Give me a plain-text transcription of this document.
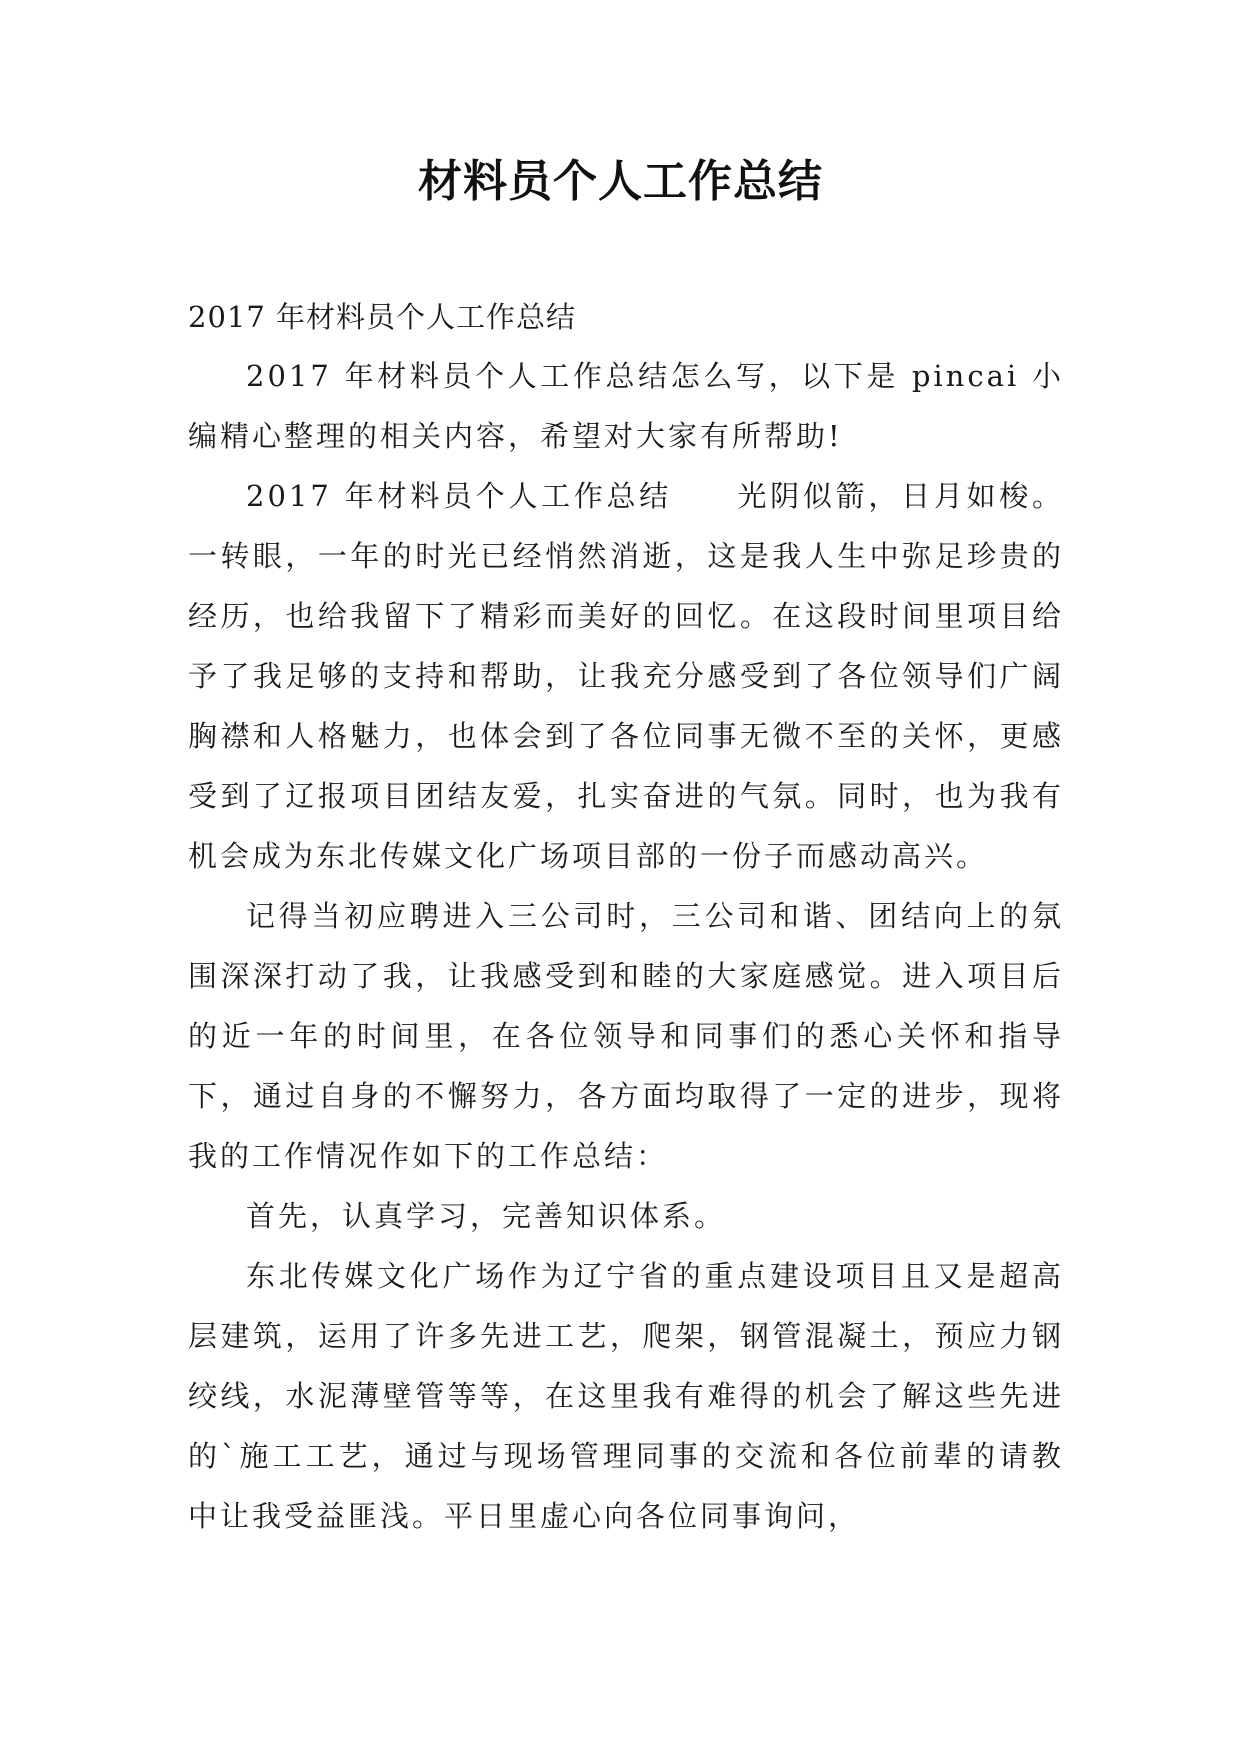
材料员个人工作总结

2017 年材料员个人工作总结

2017 年材料员个人工作总结怎么写，以下是 pincai 小编精心整理的相关内容，希望对大家有所帮助!

2017 年材料员个人工作总结　　光阴似箭，日月如梭。一转眼，一年的时光已经悄然消逝，这是我人生中弥足珍贵的经历，也给我留下了精彩而美好的回忆。在这段时间里项目给予了我足够的支持和帮助，让我充分感受到了各位领导们广阔胸襟和人格魅力，也体会到了各位同事无微不至的关怀，更感受到了辽报项目团结友爱，扎实奋进的气氛。同时，也为我有机会成为东北传媒文化广场项目部的一份子而感动高兴。

记得当初应聘进入三公司时，三公司和谐、团结向上的氛围深深打动了我，让我感受到和睦的大家庭感觉。进入项目后的近一年的时间里，在各位领导和同事们的悉心关怀和指导下，通过自身的不懈努力，各方面均取得了一定的进步，现将我的工作情况作如下的工作总结：

首先，认真学习，完善知识体系。

东北传媒文化广场作为辽宁省的重点建设项目且又是超高层建筑，运用了许多先进工艺，爬架，钢管混凝土，预应力钢绞线，水泥薄壁管等等，在这里我有难得的机会了解这些先进的`施工工艺，通过与现场管理同事的交流和各位前辈的请教中让我受益匪浅。平日里虚心向各位同事询问，
